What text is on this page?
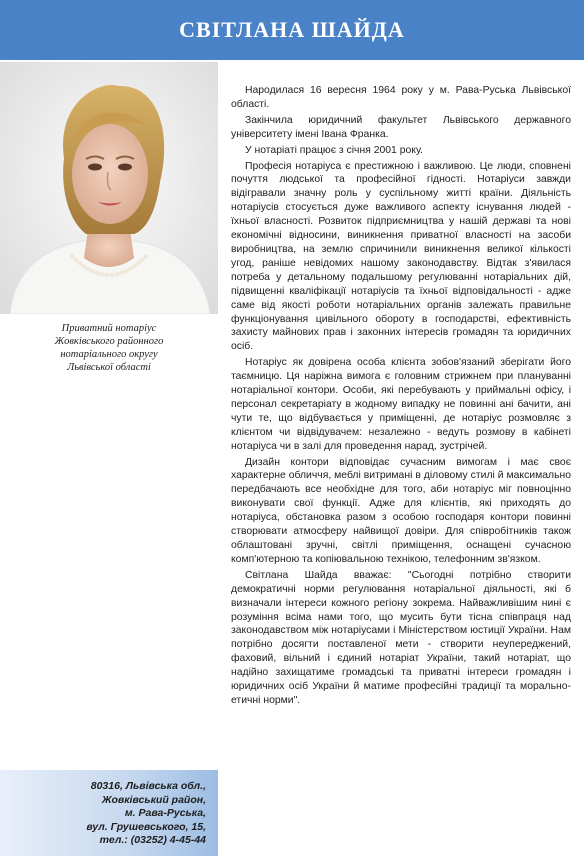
СВІТЛАНА ШАЙДА
Приватний нотаріус
Жовківського районного
нотаріального округу
Львівської області
80316, Львівська обл.,
Жовківський район,
м. Рава-Руська,
вул. Грушевського, 15,
тел.: (03252) 4-45-44

Народилася 16 вересня 1964 року у м. Рава-Руська Львівської області.

Закінчила юридичний факультет Львівського державного університету імені Івана Франка.

У нотаріаті працює з січня 2001 року.

Професія нотаріуса є престижною і важливою. Це люди, сповнені почуття людської та професійної гідності. Нотаріуси завжди відігравали значну роль у суспільному житті країни. Діяльність нотаріусів стосується дуже важливого аспекту існування людей - їхньої власності. Розвиток підприємництва у нашій державі та нові економічні відносини, виникнення приватної власності на засоби виробництва, на землю спричинили виникнення великої кількості угод, раніше невідомих нашому законодавству. Відтак з'явилася потреба у детальному подальшому регулюванні нотаріальних дій, підвищенні кваліфікації нотаріусів та їхньої відповідальності - адже саме від якості роботи нотаріальних органів залежать правильне функціонування цивільного обороту в господарстві, ефективність захисту майнових прав і законних інтересів громадян та юридичних осіб.

Нотаріус як довірена особа клієнта зобов'язаний зберігати його таємницю. Ця наріжна вимога є головним стрижнем при плануванні нотаріальної контори. Особи, які перебувають у приймальні офісу, і персонал секретаріату в жодному випадку не повинні ані бачити, ані чути те, що відбувається у приміщенні, де нотаріус розмовляє з клієнтом чи відвідувачем: незалежно - ведуть розмову в кабінеті нотаріуса чи в залі для проведення нарад, зустрічей.

Дизайн контори відповідає сучасним вимогам і має своє характерне обличчя, меблі витримані в діловому стилі й максимально передбачають все необхідне для того, аби нотаріус міг повноцінно виконувати свої функції. Адже для клієнтів, які приходять до нотаріуса, обстановка разом з особою господаря контори повинні створювати атмосферу найвищої довіри. Для співробітників також облаштовані зручні, світлі приміщення, оснащені сучасною комп'ютерною та копіювальною технікою, телефонним зв'язком.

Світлана Шайда вважає: "Сьогодні потрібно створити демократичні норми регулювання нотаріальної діяльності, які б визначали інтереси кожного регіону зокрема. Найважливішим нині є розуміння всіма нами того, що мусить бути тісна співпраця над законодавством між нотаріусами і Міністерством юстиції України. Нам потрібно досягти поставленої мети - створити неупереджений, фаховий, вільний і єдиний нотаріат України, такий нотаріат, що надійно захищатиме громадські та приватні інтереси громадян і юридичних осіб України й матиме професійні традиції та морально-етичні норми".
